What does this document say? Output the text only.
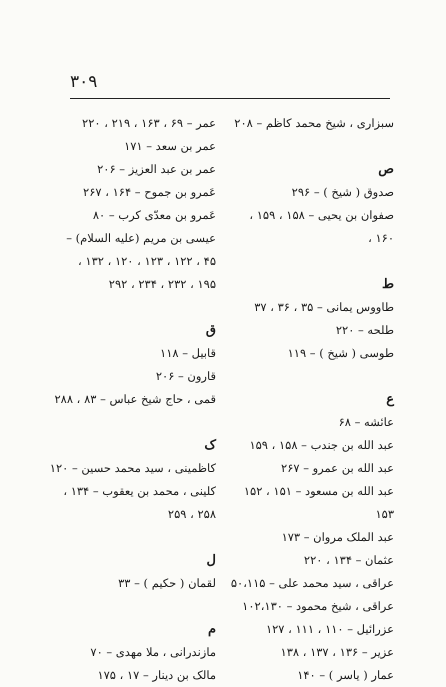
۳۰۹
سبزاری ، شیخ محمد کاظم – ۲۰۸
ص
صدوق ( شیخ ) – ۲۹۶
صفوان بن یحیی – ۱۵۸ ، ۱۵۹ ،
۱۶۰ ،
ط
طاووس یمانی – ۳۵ ، ۳۶ ، ۳۷
طلحه – ۲۲۰
طوسی ( شیخ ) – ۱۱۹
ع
عائشه – ۶۸
عبد الله بن جندب – ۱۵۸ ، ۱۵۹
عبد الله بن عمرو – ۲۶۷
عبد الله بن مسعود – ۱۵۱ ، ۱۵۲
۱۵۳
عبد الملک مروان – ۱۷۳
عثمان – ۱۳۴ ، ۲۲۰
عراقی ، سید محمد علی – ۵۰،۱۱۵
عراقی ، شیخ محمود – ۱۰۲،۱۳۰
عزرائیل – ۱۱۰ ، ۱۱۱ ، ۱۲۷
عزیر – ۱۳۶ ، ۱۳۷ ، ۱۳۸
عمار ( یاسر ) – ۱۴۰
عمر – ۶۹ ، ۱۶۳ ، ۲۱۹ ، ۲۲۰
عمر بن سعد – ۱۷۱
عمر بن عبد العزیز – ۲۰۶
عَمرو بن جموح – ۱۶۴ ، ۲۶۷
عَمرو بن معدّی کرب – ۸۰
عیسی بن مریم (علیه السلام) –
۴۵ ، ۱۲۲ ، ۱۲۳ ، ۱۲۰ ، ۱۳۲ ،
۱۹۵ ، ۲۳۲ ، ۲۳۴ ، ۲۹۲
ق
قابیل – ۱۱۸
قارون – ۲۰۶
قمی ، حاج شیخ عباس – ۸۳ ، ۲۸۸
ک
کاظمینی ، سید محمد حسین – ۱۲۰
کلینی ، محمد بن یعقوب – ۱۳۴ ،
۲۵۸ ، ۲۵۹
ل
لقمان ( حکیم ) – ۳۳
م
مازندرانی ، ملا مهدی – ۷۰
مالک بن دینار – ۱۷ ، ۱۷۵
